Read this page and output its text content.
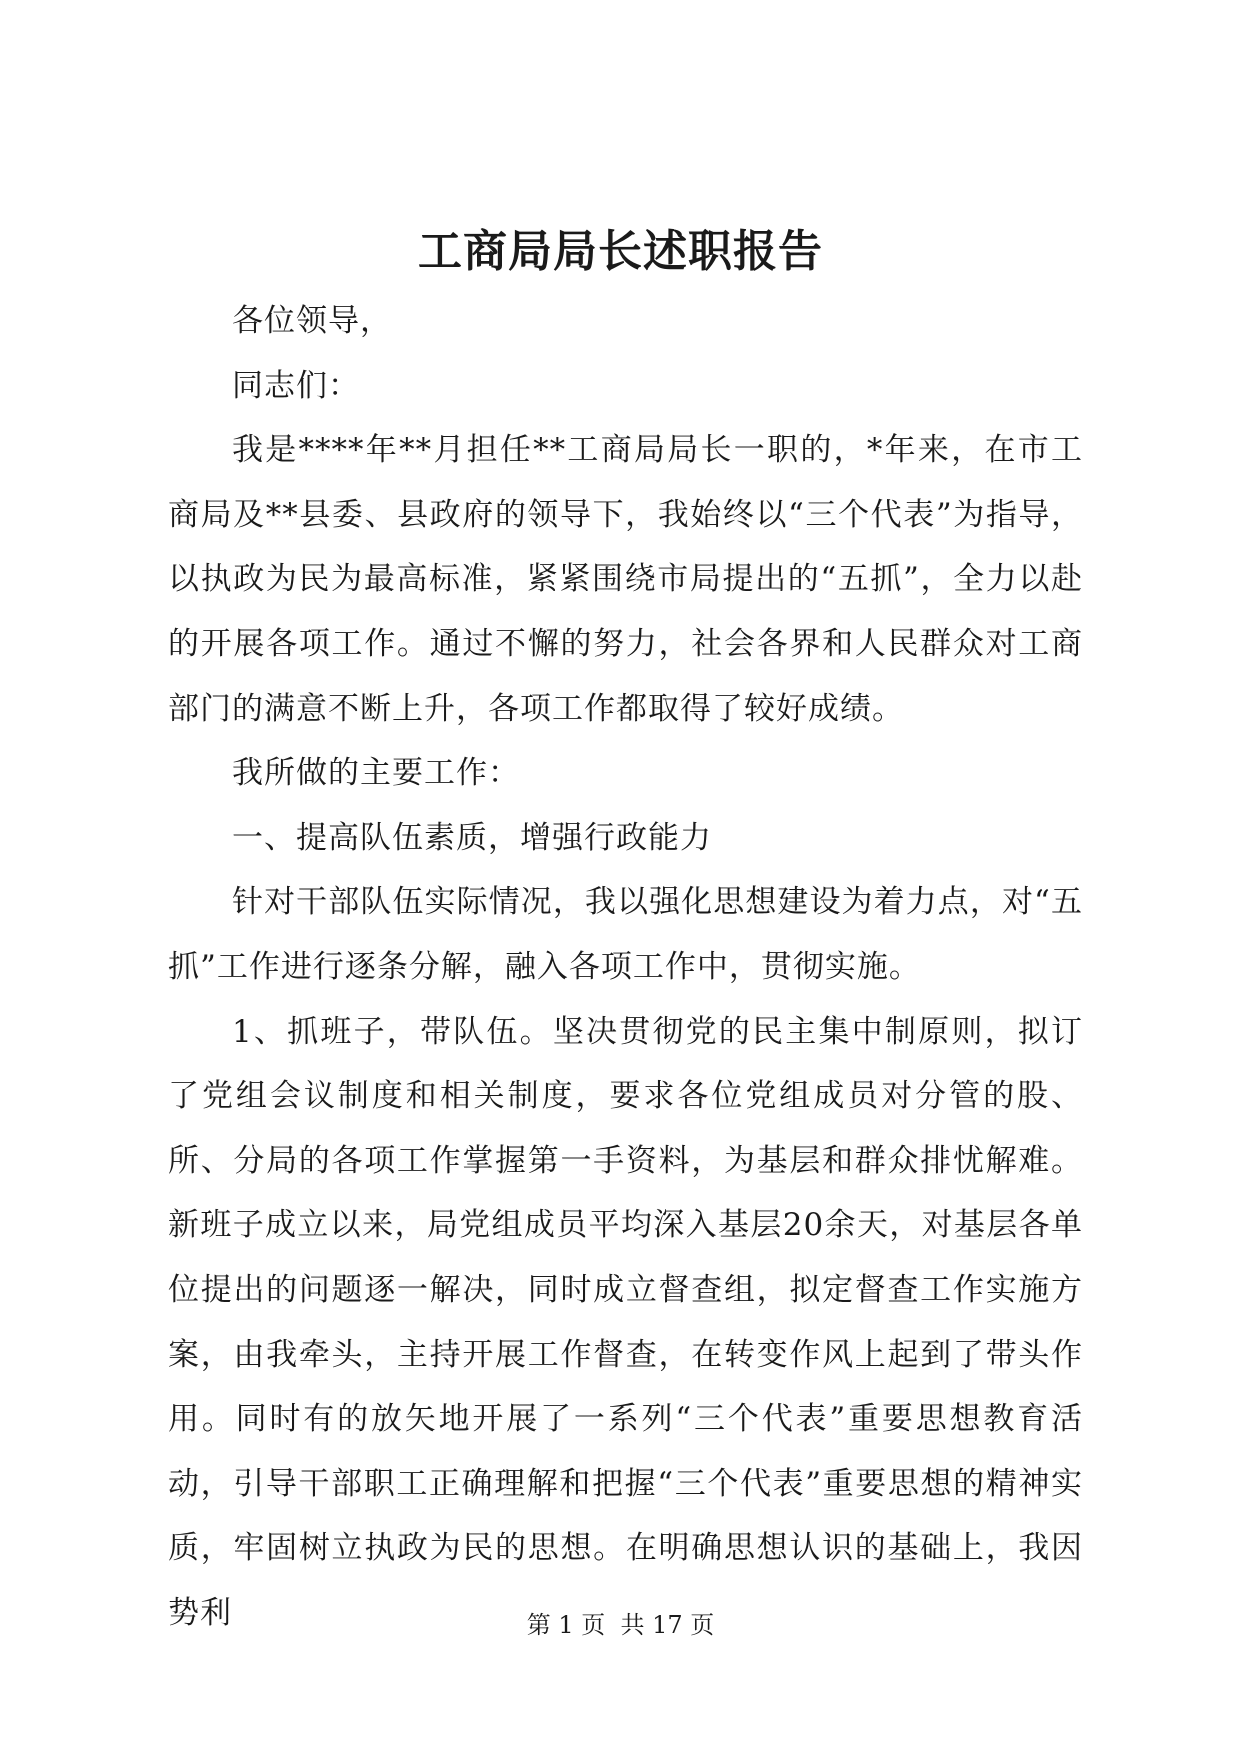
工商局局长述职报告

各位领导，

同志们：

我是****年**月担任**工商局局长一职的，*年来，在市工商局及**县委、县政府的领导下，我始终以“三个代表”为指导，以执政为民为最高标准，紧紧围绕市局提出的“五抓”，全力以赴的开展各项工作。通过不懈的努力，社会各界和人民群众对工商部门的满意不断上升，各项工作都取得了较好成绩。

我所做的主要工作：

一、提高队伍素质，增强行政能力

针对干部队伍实际情况，我以强化思想建设为着力点，对“五抓”工作进行逐条分解，融入各项工作中，贯彻实施。

1、抓班子，带队伍。坚决贯彻党的民主集中制原则，拟订了党组会议制度和相关制度，要求各位党组成员对分管的股、所、分局的各项工作掌握第一手资料，为基层和群众排忧解难。新班子成立以来，局党组成员平均深入基层20余天，对基层各单位提出的问题逐一解决，同时成立督查组，拟定督查工作实施方案，由我牵头，主持开展工作督查，在转变作风上起到了带头作用。同时有的放矢地开展了一系列“三个代表”重要思想教育活动，引导干部职工正确理解和把握“三个代表”重要思想的精神实质，牢固树立执政为民的思想。在明确思想认识的基础上，我因势利	第 1 页  共 17 页
